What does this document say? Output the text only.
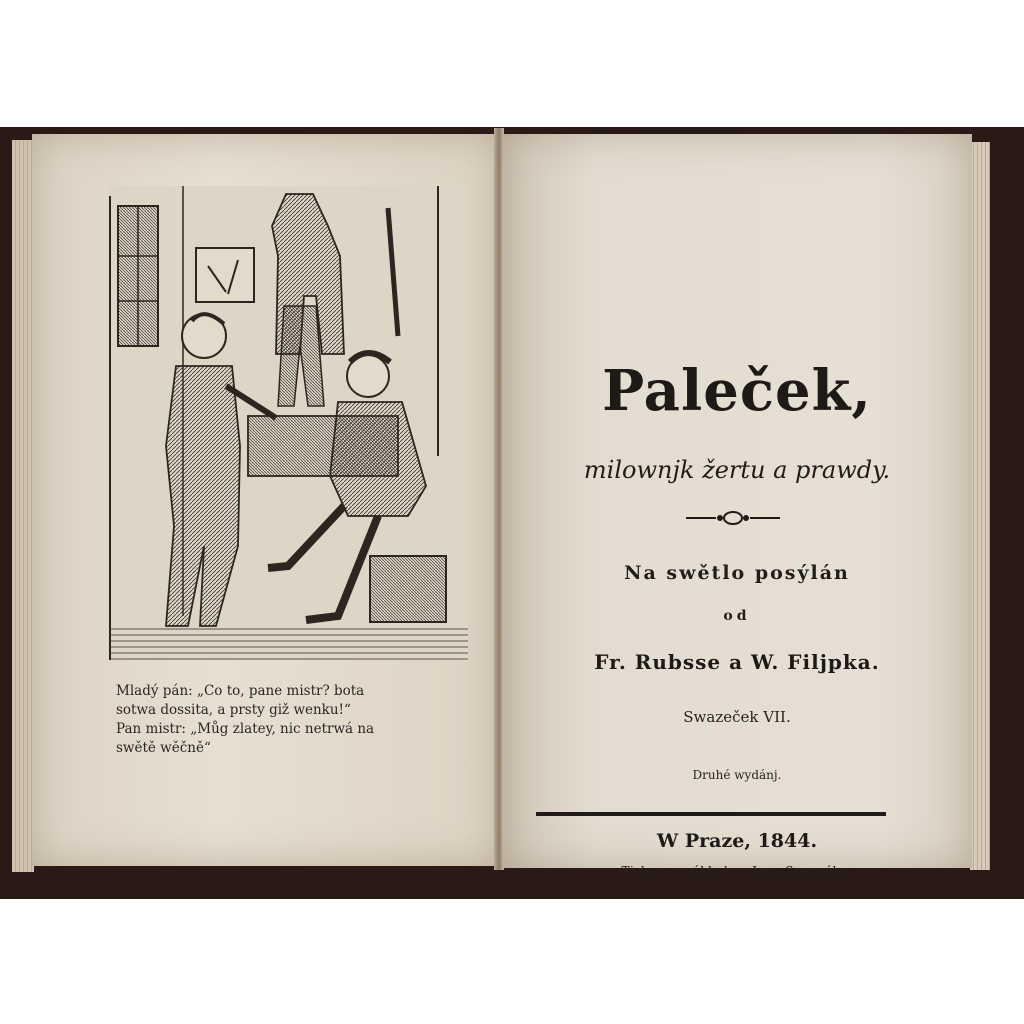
Mladý pán: „Co to, pane mistr? bota
sotwa dossita, a prsty giž wenku!“
Pan mistr: „Můg zlatey, nic netrwá na
swětě wěčně“
Paleček,
milownjk žertu a prawdy.
Na swětlo posýlán
od
Fr. Rubsse a W. Filjpka.
Swazeček VII.
Druhé wydánj.
W Praze, 1844.
Tiskem a nákladem Jana Spurného.
